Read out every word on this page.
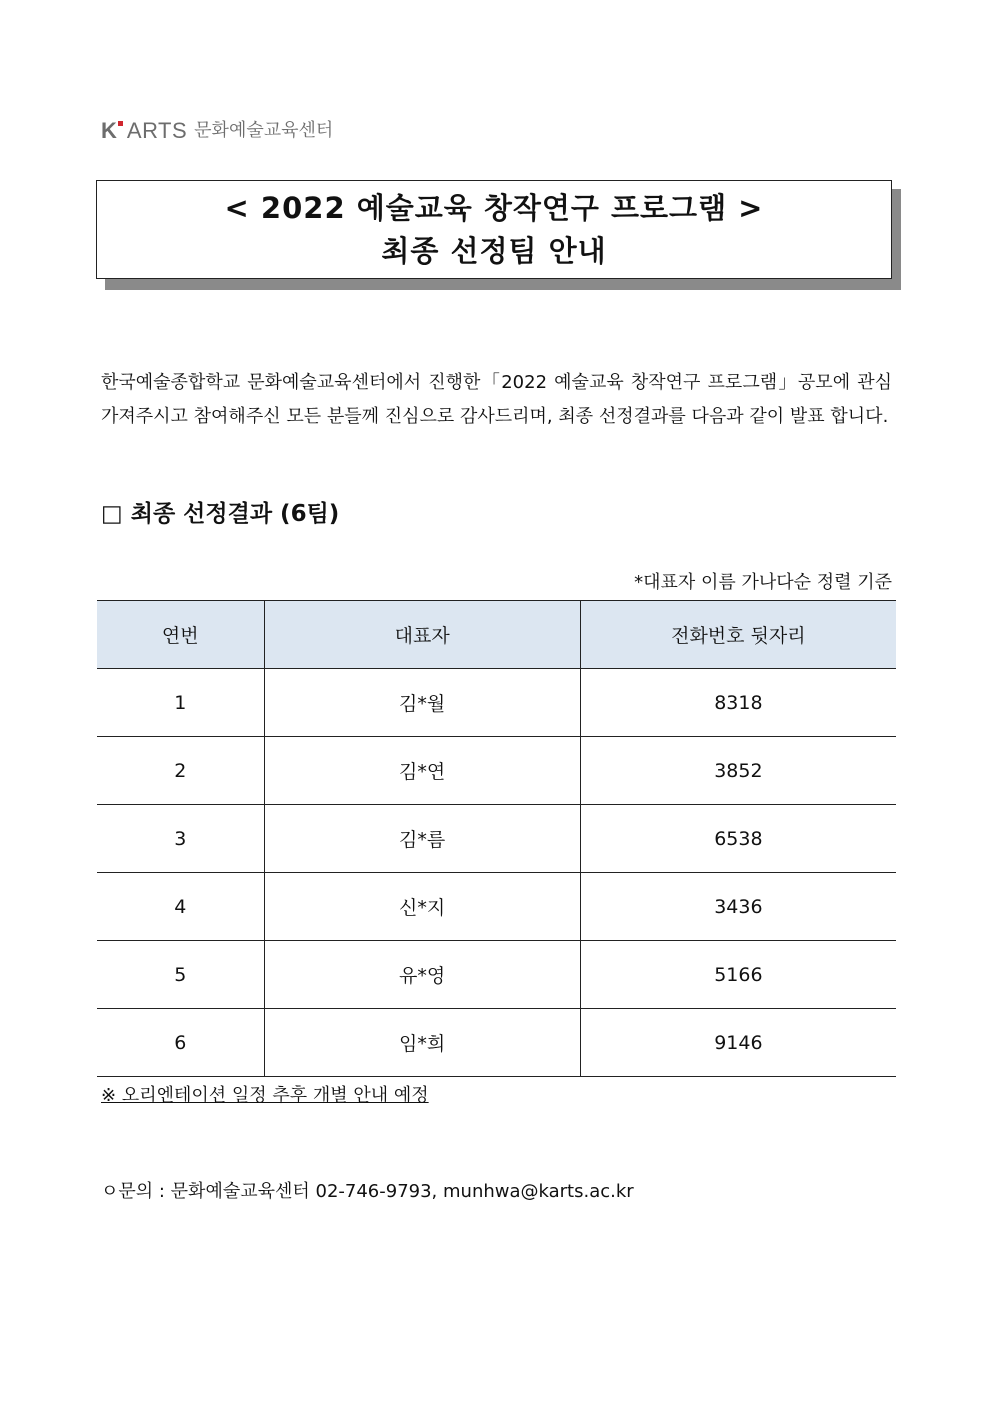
K ARTS 문화예술교육센터
< 2022 예술교육 창작연구 프로그램 >
최종 선정팀 안내
한국예술종합학교 문화예술교육센터에서 진행한「2022 예술교육 창작연구 프로그램」공모에 관심 가져주시고 참여해주신 모든 분들께 진심으로 감사드리며, 최종 선정결과를 다음과 같이 발표 합니다.
□ 최종 선정결과 (6팀)
*대표자 이름 가나다순 정렬 기준
연번	대표자	전화번호 뒷자리
1	김*월	8318
2	김*연	3852
3	김*름	6538
4	신*지	3436
5	유*영	5166
6	임*희	9146
※ 오리엔테이션 일정 추후 개별 안내 예정
ㅇ문의 : 문화예술교육센터 02-746-9793, munhwa@karts.ac.kr
